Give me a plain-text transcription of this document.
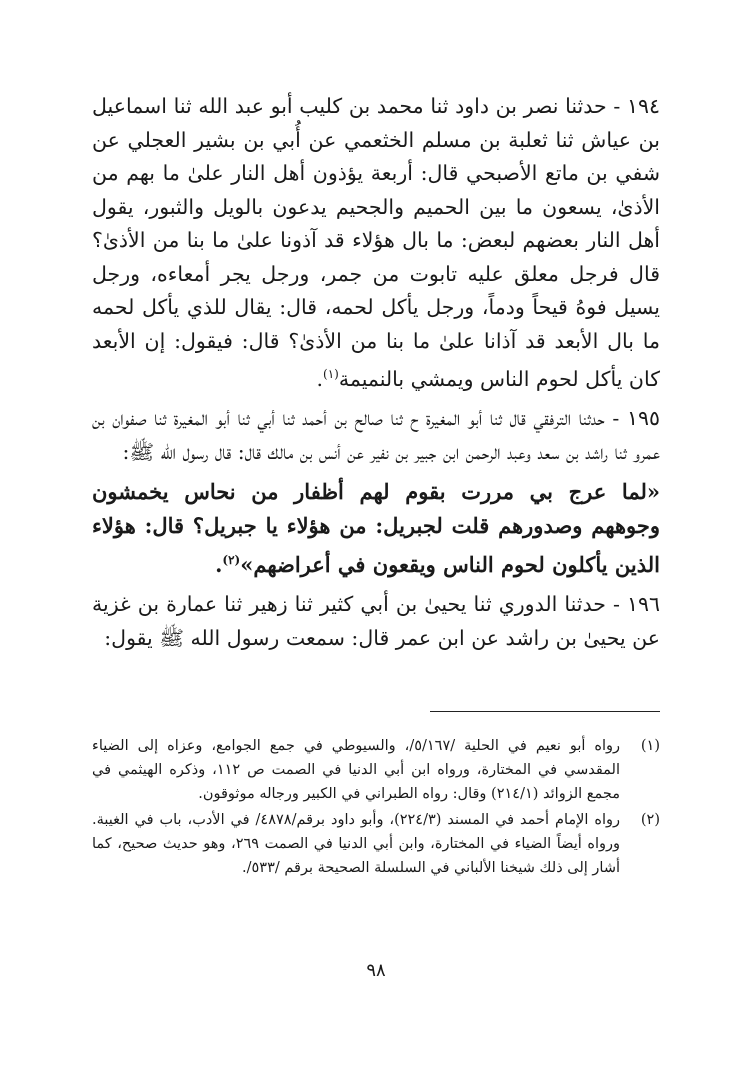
١٩٤ - حدثنا نصر بن داود ثنا محمد بن كليب أبو عبد الله ثنا اسماعيل بن عياش ثنا ثعلبة بن مسلم الخثعمي عن أُبي بن بشير العجلي عن شفي بن ماتع الأصبحي قال: أربعة يؤذون أهل النار علىٰ ما بهم من الأذىٰ، يسعون ما بين الحميم والجحيم يدعون بالويل والثبور، يقول أهل النار بعضهم لبعض: ما بال هؤلاء قد آذونا علىٰ ما بنا من الأذىٰ؟ قال فرجل معلق عليه تابوت من جمر، ورجل يجر أمعاءه، ورجل يسيل فوهُ قيحاً ودماً، ورجل يأكل لحمه، قال: يقال للذي يأكل لحمه ما بال الأبعد قد آذانا علىٰ ما بنا من الأذىٰ؟ قال: فيقول: إن الأبعد كان يأكل لحوم الناس ويمشي بالنميمة$^{(١)}$.

١٩٥ - حدثنا الترفقي قال ثنا أبو المغيرة ح ثنا صالح بن أحمد ثنا أبي ثنا أبو المغيرة ثنا صفوان بن عمرو ثنا راشد بن سعد وعبد الرحمن ابن جبير بن نفير عن أنس بن مالك قال: قال رسول الله ﷺ:

«لما عرج بي مررت بقوم لهم أظفار من نحاس يخمشون وجوههم وصدورهم قلت لجبريل: من هؤلاء يا جبريل؟ قال: هؤلاء الذين يأكلون لحوم الناس ويقعون في أعراضهم»$^{(٢)}$.

١٩٦ - حدثنا الدوري ثنا يحيىٰ بن أبي كثير ثنا زهير ثنا عمارة بن غزية عن يحيىٰ بن راشد عن ابن عمر قال: سمعت رسول الله ﷺ يقول:

(١)
رواه أبو نعيم في الحلية /٥/١٦٧/، والسيوطي في جمع الجوامع، وعزاه إلى الضياء المقدسي في المختارة، ورواه ابن أبي الدنيا في الصمت ص ١١٢، وذكره الهيثمي في مجمع الزوائد (٢١٤/١) وقال: رواه الطبراني في الكبير ورجاله موثوقون.
(٢)
رواه الإمام أحمد في المسند (٢٢٤/٣)، وأبو داود برقم/٤٨٧٨/ في الأدب، باب في الغيبة. ورواه أيضاً الضياء في المختارة، وابن أبي الدنيا في الصمت ٢٦٩، وهو حديث صحيح، كما أشار إلى ذلك شيخنا الألباني في السلسلة الصحيحة برقم /٥٣٣/.
٩٨
